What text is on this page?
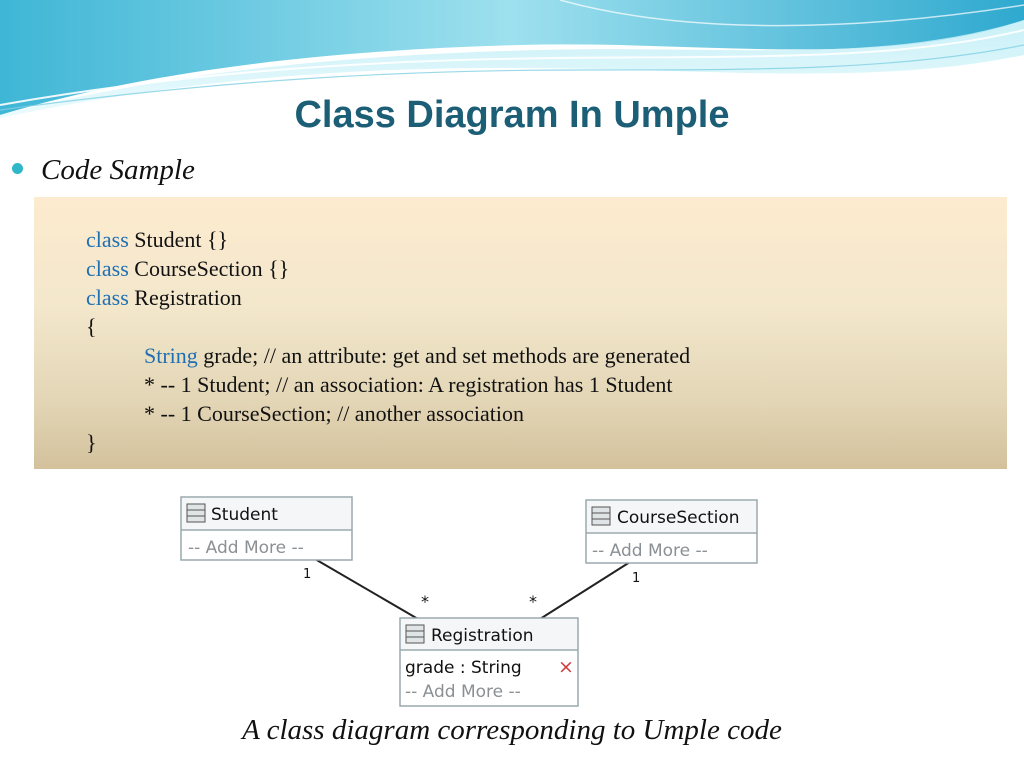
Class Diagram In Umple
Code Sample
class Student {}
class CourseSection {}
class Registration
{
String grade; // an attribute: get and set methods are generated
* -- 1 Student; // an association: A registration has 1 Student
* -- 1 CourseSection; // another association
}
Student
-- Add More --
CourseSection
-- Add More --
Registration
grade : String ×
-- Add More --
1	1
*	*
A class diagram corresponding to Umple code
